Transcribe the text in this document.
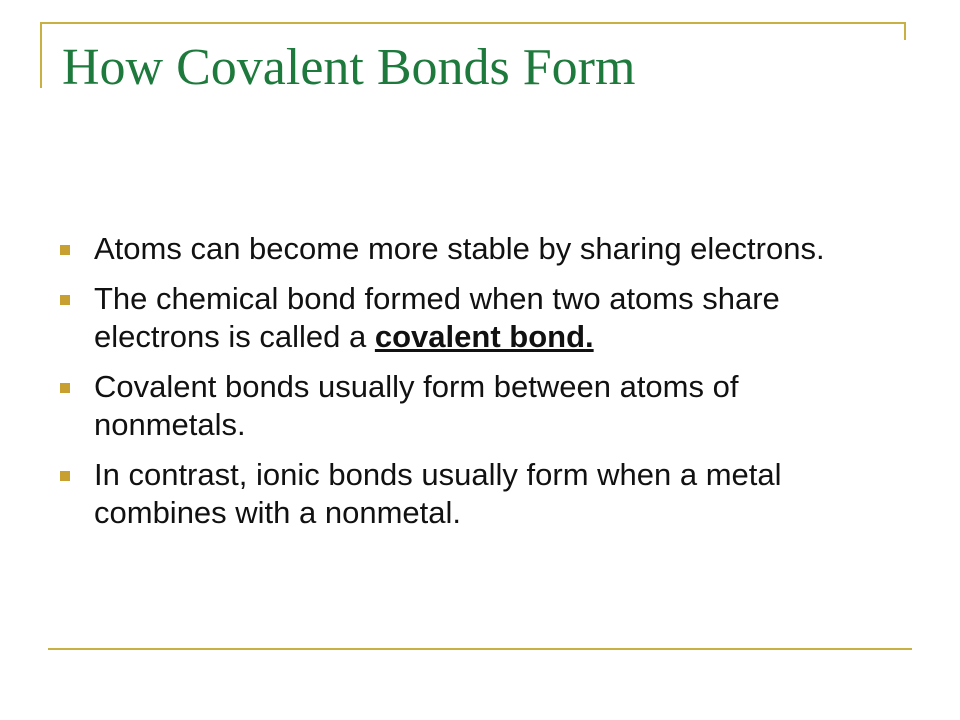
How Covalent Bonds Form
Atoms can become more stable by sharing electrons.
The chemical bond formed when two atoms share electrons is called a covalent bond.
Covalent bonds usually form between atoms of nonmetals.
In contrast, ionic bonds usually form when a metal combines with a nonmetal.
